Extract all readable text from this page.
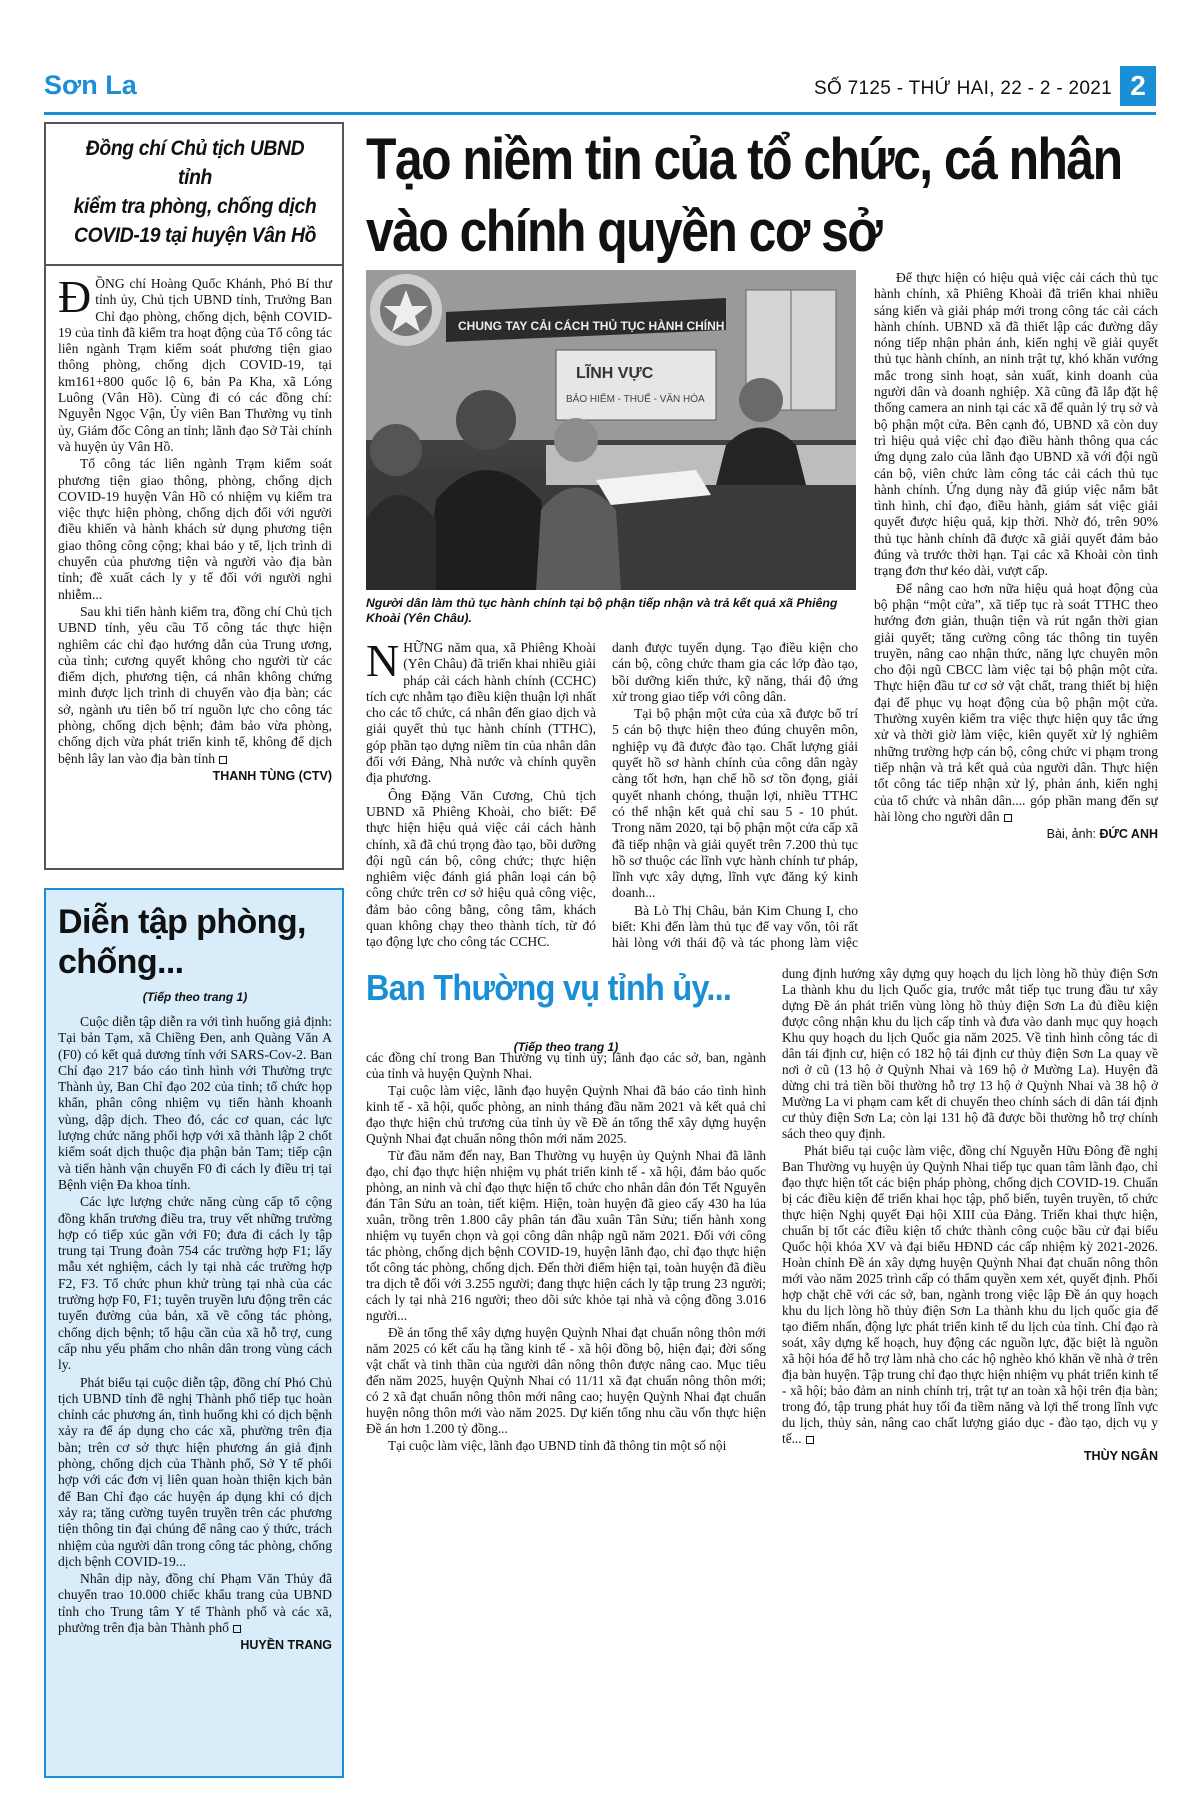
Sơn La	SỐ 7125 - THỨ HAI, 22 - 2 - 2021 2
Đồng chí Chủ tịch UBND tỉnh
kiểm tra phòng, chống dịch
COVID-19 tại huyện Vân Hồ

ĐỒNG chí Hoàng Quốc Khánh, Phó Bí thư tỉnh ủy, Chủ tịch UBND tỉnh, Trưởng Ban Chỉ đạo phòng, chống dịch, bệnh COVID-19 của tỉnh đã kiểm tra hoạt động của Tổ công tác liên ngành Trạm kiểm soát phương tiện giao thông phòng, chống dịch COVID-19, tại km161+800 quốc lộ 6, bản Pa Kha, xã Lóng Luông (Vân Hồ). Cùng đi có các đồng chí: Nguyễn Ngọc Vận, Ủy viên Ban Thường vụ tỉnh ủy, Giám đốc Công an tỉnh; lãnh đạo Sở Tài chính và huyện ủy Vân Hồ.

Tổ công tác liên ngành Trạm kiểm soát phương tiện giao thông, phòng, chống dịch COVID-19 huyện Vân Hồ có nhiệm vụ kiểm tra việc thực hiện phòng, chống dịch đối với người điều khiển và hành khách sử dụng phương tiện giao thông công cộng; khai báo y tế, lịch trình di chuyển của phương tiện và người vào địa bàn tỉnh; đề xuất cách ly y tế đối với người nghi nhiễm...

Sau khi tiến hành kiểm tra, đồng chí Chủ tịch UBND tỉnh, yêu cầu Tổ công tác thực hiện nghiêm các chỉ đạo hướng dẫn của Trung ương, của tỉnh; cương quyết không cho người từ các điểm dịch, phương tiện, cá nhân không chứng minh được lịch trình di chuyển vào địa bàn; các sở, ngành ưu tiên bố trí nguồn lực cho công tác phòng, chống dịch bệnh; đảm bảo vừa phòng, chống dịch vừa phát triển kinh tế, không để dịch bệnh lây lan vào địa bàn tỉnh

THANH TÙNG (CTV)
Diễn tập phòng, chống...
(Tiếp theo trang 1)

Cuộc diễn tập diễn ra với tình huống giả định: Tại bản Tạm, xã Chiềng Đen, anh Quàng Văn A (F0) có kết quả dương tính với SARS-Cov-2. Ban Chỉ đạo 217 báo cáo tình hình với Thường trực Thành ủy, Ban Chỉ đạo 202 của tỉnh; tổ chức họp khẩn, phân công nhiệm vụ tiến hành khoanh vùng, dập dịch. Theo đó, các cơ quan, các lực lượng chức năng phối hợp với xã thành lập 2 chốt kiểm soát dịch thuộc địa phận bản Tam; tiếp cận và tiến hành vận chuyển F0 đi cách ly điều trị tại Bệnh viện Đa khoa tỉnh.

Các lực lượng chức năng cùng cấp tổ cộng đồng khẩn trương điều tra, truy vết những trường hợp có tiếp xúc gần với F0; đưa đi cách ly tập trung tại Trung đoàn 754 các trường hợp F1; lấy mẫu xét nghiệm, cách ly tại nhà các trường hợp F2, F3. Tổ chức phun khử trùng tại nhà của các trường hợp F0, F1; tuyên truyền lưu động trên các tuyến đường của bản, xã về công tác phòng, chống dịch bệnh; tổ hậu cần của xã hỗ trợ, cung cấp nhu yếu phẩm cho nhân dân trong vùng cách ly.

Phát biểu tại cuộc diễn tập, đồng chí Phó Chủ tịch UBND tỉnh đề nghị Thành phố tiếp tục hoàn chỉnh các phương án, tình huống khi có dịch bệnh xảy ra để áp dụng cho các xã, phường trên địa bàn; trên cơ sở thực hiện phương án giả định phòng, chống dịch của Thành phố, Sở Y tế phối hợp với các đơn vị liên quan hoàn thiện kịch bản để Ban Chỉ đạo các huyện áp dụng khi có dịch xảy ra; tăng cường tuyên truyền trên các phương tiện thông tin đại chúng để nâng cao ý thức, trách nhiệm của người dân trong công tác phòng, chống dịch bệnh COVID-19...

Nhân dịp này, đồng chí Phạm Văn Thủy đã chuyển trao 10.000 chiếc khẩu trang của UBND tỉnh cho Trung tâm Y tế Thành phố và các xã, phường trên địa bàn Thành phố

HUYỀN TRANG
Tạo niềm tin của tổ chức, cá nhân
vào chính quyền cơ sở
CHUNG TAY CẢI CÁCH THỦ TỤC HÀNH CHÍNH
LĨNH VỰC
BẢO HIỂM - THUẾ - VĂN HÓA
Người dân làm thủ tục hành chính tại bộ phận tiếp nhận và trả kết quả xã Phiêng Khoài (Yên Châu).

NHỮNG năm qua, xã Phiêng Khoài (Yên Châu) đã triển khai nhiều giải pháp cải cách hành chính (CCHC) tích cực nhằm tạo điều kiện thuận lợi nhất cho các tổ chức, cá nhân đến giao dịch và giải quyết thủ tục hành chính (TTHC), góp phần tạo dựng niềm tin của nhân dân đối với Đảng, Nhà nước và chính quyền địa phương.

Ông Đặng Văn Cương, Chủ tịch UBND xã Phiêng Khoài, cho biết: Để thực hiện hiệu quả việc cải cách hành chính, xã đã chú trọng đào tạo, bồi dưỡng đội ngũ cán bộ, công chức; thực hiện nghiêm việc đánh giá phân loại cán bộ công chức trên cơ sở hiệu quả công việc, đảm bảo công bằng, công tâm, khách quan không chạy theo thành tích, từ đó tạo động lực cho công tác CCHC.

danh được tuyển dụng. Tạo điều kiện cho cán bộ, công chức tham gia các lớp đào tạo, bồi dưỡng kiến thức, kỹ năng, thái độ ứng xử trong giao tiếp với công dân.

Tại bộ phận một cửa của xã được bố trí 5 cán bộ thực hiện theo đúng chuyên môn, nghiệp vụ đã được đào tạo. Chất lượng giải quyết hồ sơ hành chính của công dân ngày càng tốt hơn, hạn chế hồ sơ tồn đọng, giải quyết nhanh chóng, thuận lợi, nhiều TTHC có thể nhận kết quả chỉ sau 5 - 10 phút. Trong năm 2020, tại bộ phận một cửa cấp xã đã tiếp nhận và giải quyết trên 7.200 thủ tục hồ sơ thuộc các lĩnh vực hành chính tư pháp, lĩnh vực xây dựng, lĩnh vực đăng ký kinh doanh...

Bà Lò Thị Châu, bản Kim Chung I, cho biết: Khi đến làm thủ tục để vay vốn, tôi rất hài lòng với thái độ và tác phong làm việc

Để thực hiện có hiệu quả việc cải cách thủ tục hành chính, xã Phiêng Khoài đã triển khai nhiều sáng kiến và giải pháp mới trong công tác cải cách hành chính. UBND xã đã thiết lập các đường dây nóng tiếp nhận phản ánh, kiến nghị về giải quyết thủ tục hành chính, an ninh trật tự, khó khăn vướng mắc trong sinh hoạt, sản xuất, kinh doanh của người dân và doanh nghiệp. Xã cũng đã lắp đặt hệ thống camera an ninh tại các xã để quản lý trụ sở và bộ phận một cửa. Bên cạnh đó, UBND xã còn duy trì hiệu quả việc chỉ đạo điều hành thông qua các ứng dụng zalo của lãnh đạo UBND xã với đội ngũ cán bộ, viên chức làm công tác cải cách thủ tục hành chính. Ứng dụng này đã giúp việc nắm bắt tình hình, chỉ đạo, điều hành, giám sát việc giải quyết được hiệu quả, kịp thời. Nhờ đó, trên 90% thủ tục hành chính đã được xã giải quyết đảm bảo đúng và trước thời hạn. Tại các xã Khoài còn tình trạng đơn thư kéo dài, vượt cấp.

Để nâng cao hơn nữa hiệu quả hoạt động của bộ phận “một cửa”, xã tiếp tục rà soát TTHC theo hướng đơn giản, thuận tiện và rút ngắn thời gian giải quyết; tăng cường công tác thông tin tuyên truyền, nâng cao nhận thức, năng lực chuyên môn cho đội ngũ CBCC làm việc tại bộ phận một cửa. Thực hiện đầu tư cơ sở vật chất, trang thiết bị hiện đại để phục vụ hoạt động của bộ phận một cửa. Thường xuyên kiểm tra việc thực hiện quy tắc ứng xử và thời giờ làm việc, kiên quyết xử lý nghiêm những trường hợp cán bộ, công chức vi phạm trong tiếp nhận và trả kết quả của người dân. Thực hiện tốt công tác tiếp nhận xử lý, phản ánh, kiến nghị của tổ chức và nhân dân.... góp phần mang đến sự hài lòng cho người dân

Bài, ảnh: ĐỨC ANH
Ban Thường vụ tỉnh ủy...
(Tiếp theo trang 1)

các đồng chí trong Ban Thường vụ tỉnh ủy; lãnh đạo các sở, ban, ngành của tỉnh và huyện Quỳnh Nhai.

Tại cuộc làm việc, lãnh đạo huyện Quỳnh Nhai đã báo cáo tình hình kinh tế - xã hội, quốc phòng, an ninh tháng đầu năm 2021 và kết quả chỉ đạo thực hiện chủ trương của tỉnh ủy về Đề án tổng thể xây dựng huyện Quỳnh Nhai đạt chuẩn nông thôn mới năm 2025.

Từ đầu năm đến nay, Ban Thường vụ huyện ủy Quỳnh Nhai đã lãnh đạo, chỉ đạo thực hiện nhiệm vụ phát triển kinh tế - xã hội, đảm bảo quốc phòng, an ninh và chỉ đạo thực hiện tổ chức cho nhân dân đón Tết Nguyên đán Tân Sửu an toàn, tiết kiệm. Hiện, toàn huyện đã gieo cấy 430 ha lúa xuân, trồng trên 1.800 cây phân tán đầu xuân Tân Sửu; tiến hành xong nhiệm vụ tuyển chọn và gọi công dân nhập ngũ năm 2021. Đối với công tác phòng, chống dịch bệnh COVID-19, huyện lãnh đạo, chỉ đạo thực hiện tốt công tác phòng, chống dịch. Đến thời điểm hiện tại, toàn huyện đã điều tra dịch tễ đối với 3.255 người; đang thực hiện cách ly tập trung 23 người; cách ly tại nhà 216 người; theo dõi sức khỏe tại nhà và cộng đồng 3.016 người...

Đề án tổng thể xây dựng huyện Quỳnh Nhai đạt chuẩn nông thôn mới năm 2025 có kết cấu hạ tầng kinh tế - xã hội đồng bộ, hiện đại; đời sống vật chất và tinh thần của người dân nông thôn được nâng cao. Mục tiêu đến năm 2025, huyện Quỳnh Nhai có 11/11 xã đạt chuẩn nông thôn mới; có 2 xã đạt chuẩn nông thôn mới nâng cao; huyện Quỳnh Nhai đạt chuẩn huyện nông thôn mới vào năm 2025. Dự kiến tổng nhu cầu vốn thực hiện Đề án hơn 1.200 tỷ đồng...

Tại cuộc làm việc, lãnh đạo UBND tỉnh đã thông tin một số nội

dung định hướng xây dựng quy hoạch du lịch lòng hồ thủy điện Sơn La thành khu du lịch Quốc gia, trước mắt tiếp tục trung đầu tư xây dựng Đề án phát triển vùng lòng hồ thủy điện Sơn La đủ điều kiện được công nhận khu du lịch cấp tỉnh và đưa vào danh mục quy hoạch Khu quy hoạch du lịch Quốc gia năm 2025. Về tình hình công tác di dân tái định cư, hiện có 182 hộ tái định cư thủy điện Sơn La quay về nơi ở cũ (13 hộ ở Quỳnh Nhai và 169 hộ ở Mường La). Huyện đã dừng chi trả tiền bồi thường hỗ trợ 13 hộ ở Quỳnh Nhai và 38 hộ ở Mường La vi phạm cam kết di chuyển theo chính sách di dân tái định cư thủy điện Sơn La; còn lại 131 hộ đã được bồi thường hỗ trợ chính sách theo quy định.

Phát biểu tại cuộc làm việc, đồng chí Nguyễn Hữu Đông đề nghị Ban Thường vụ huyện ủy Quỳnh Nhai tiếp tục quan tâm lãnh đạo, chỉ đạo thực hiện tốt các biện pháp phòng, chống dịch COVID-19. Chuẩn bị các điều kiện để triển khai học tập, phổ biến, tuyên truyền, tổ chức thực hiện Nghị quyết Đại hội XIII của Đảng. Triển khai thực hiện, chuẩn bị tốt các điều kiện tổ chức thành công cuộc bầu cử đại biểu Quốc hội khóa XV và đại biểu HĐND các cấp nhiệm kỳ 2021-2026. Hoàn chỉnh Đề án xây dựng huyện Quỳnh Nhai đạt chuẩn nông thôn mới vào năm 2025 trình cấp có thẩm quyền xem xét, quyết định. Phối hợp chặt chẽ với các sở, ban, ngành trong việc lập Đề án quy hoạch khu du lịch lòng hồ thủy điện Sơn La thành khu du lịch quốc gia để tạo điểm nhấn, động lực phát triển kinh tế du lịch của tỉnh. Chỉ đạo rà soát, xây dựng kế hoạch, huy động các nguồn lực, đặc biệt là nguồn xã hội hóa để hỗ trợ làm nhà cho các hộ nghèo khó khăn về nhà ở trên địa bàn huyện. Tập trung chỉ đạo thực hiện nhiệm vụ phát triển kinh tế - xã hội; bảo đảm an ninh chính trị, trật tự an toàn xã hội trên địa bàn; trong đó, tập trung phát huy tối đa tiềm năng và lợi thế trong lĩnh vực du lịch, thủy sản, nâng cao chất lượng giáo dục - đào tạo, dịch vụ y tế...

THÙY NGÂN
